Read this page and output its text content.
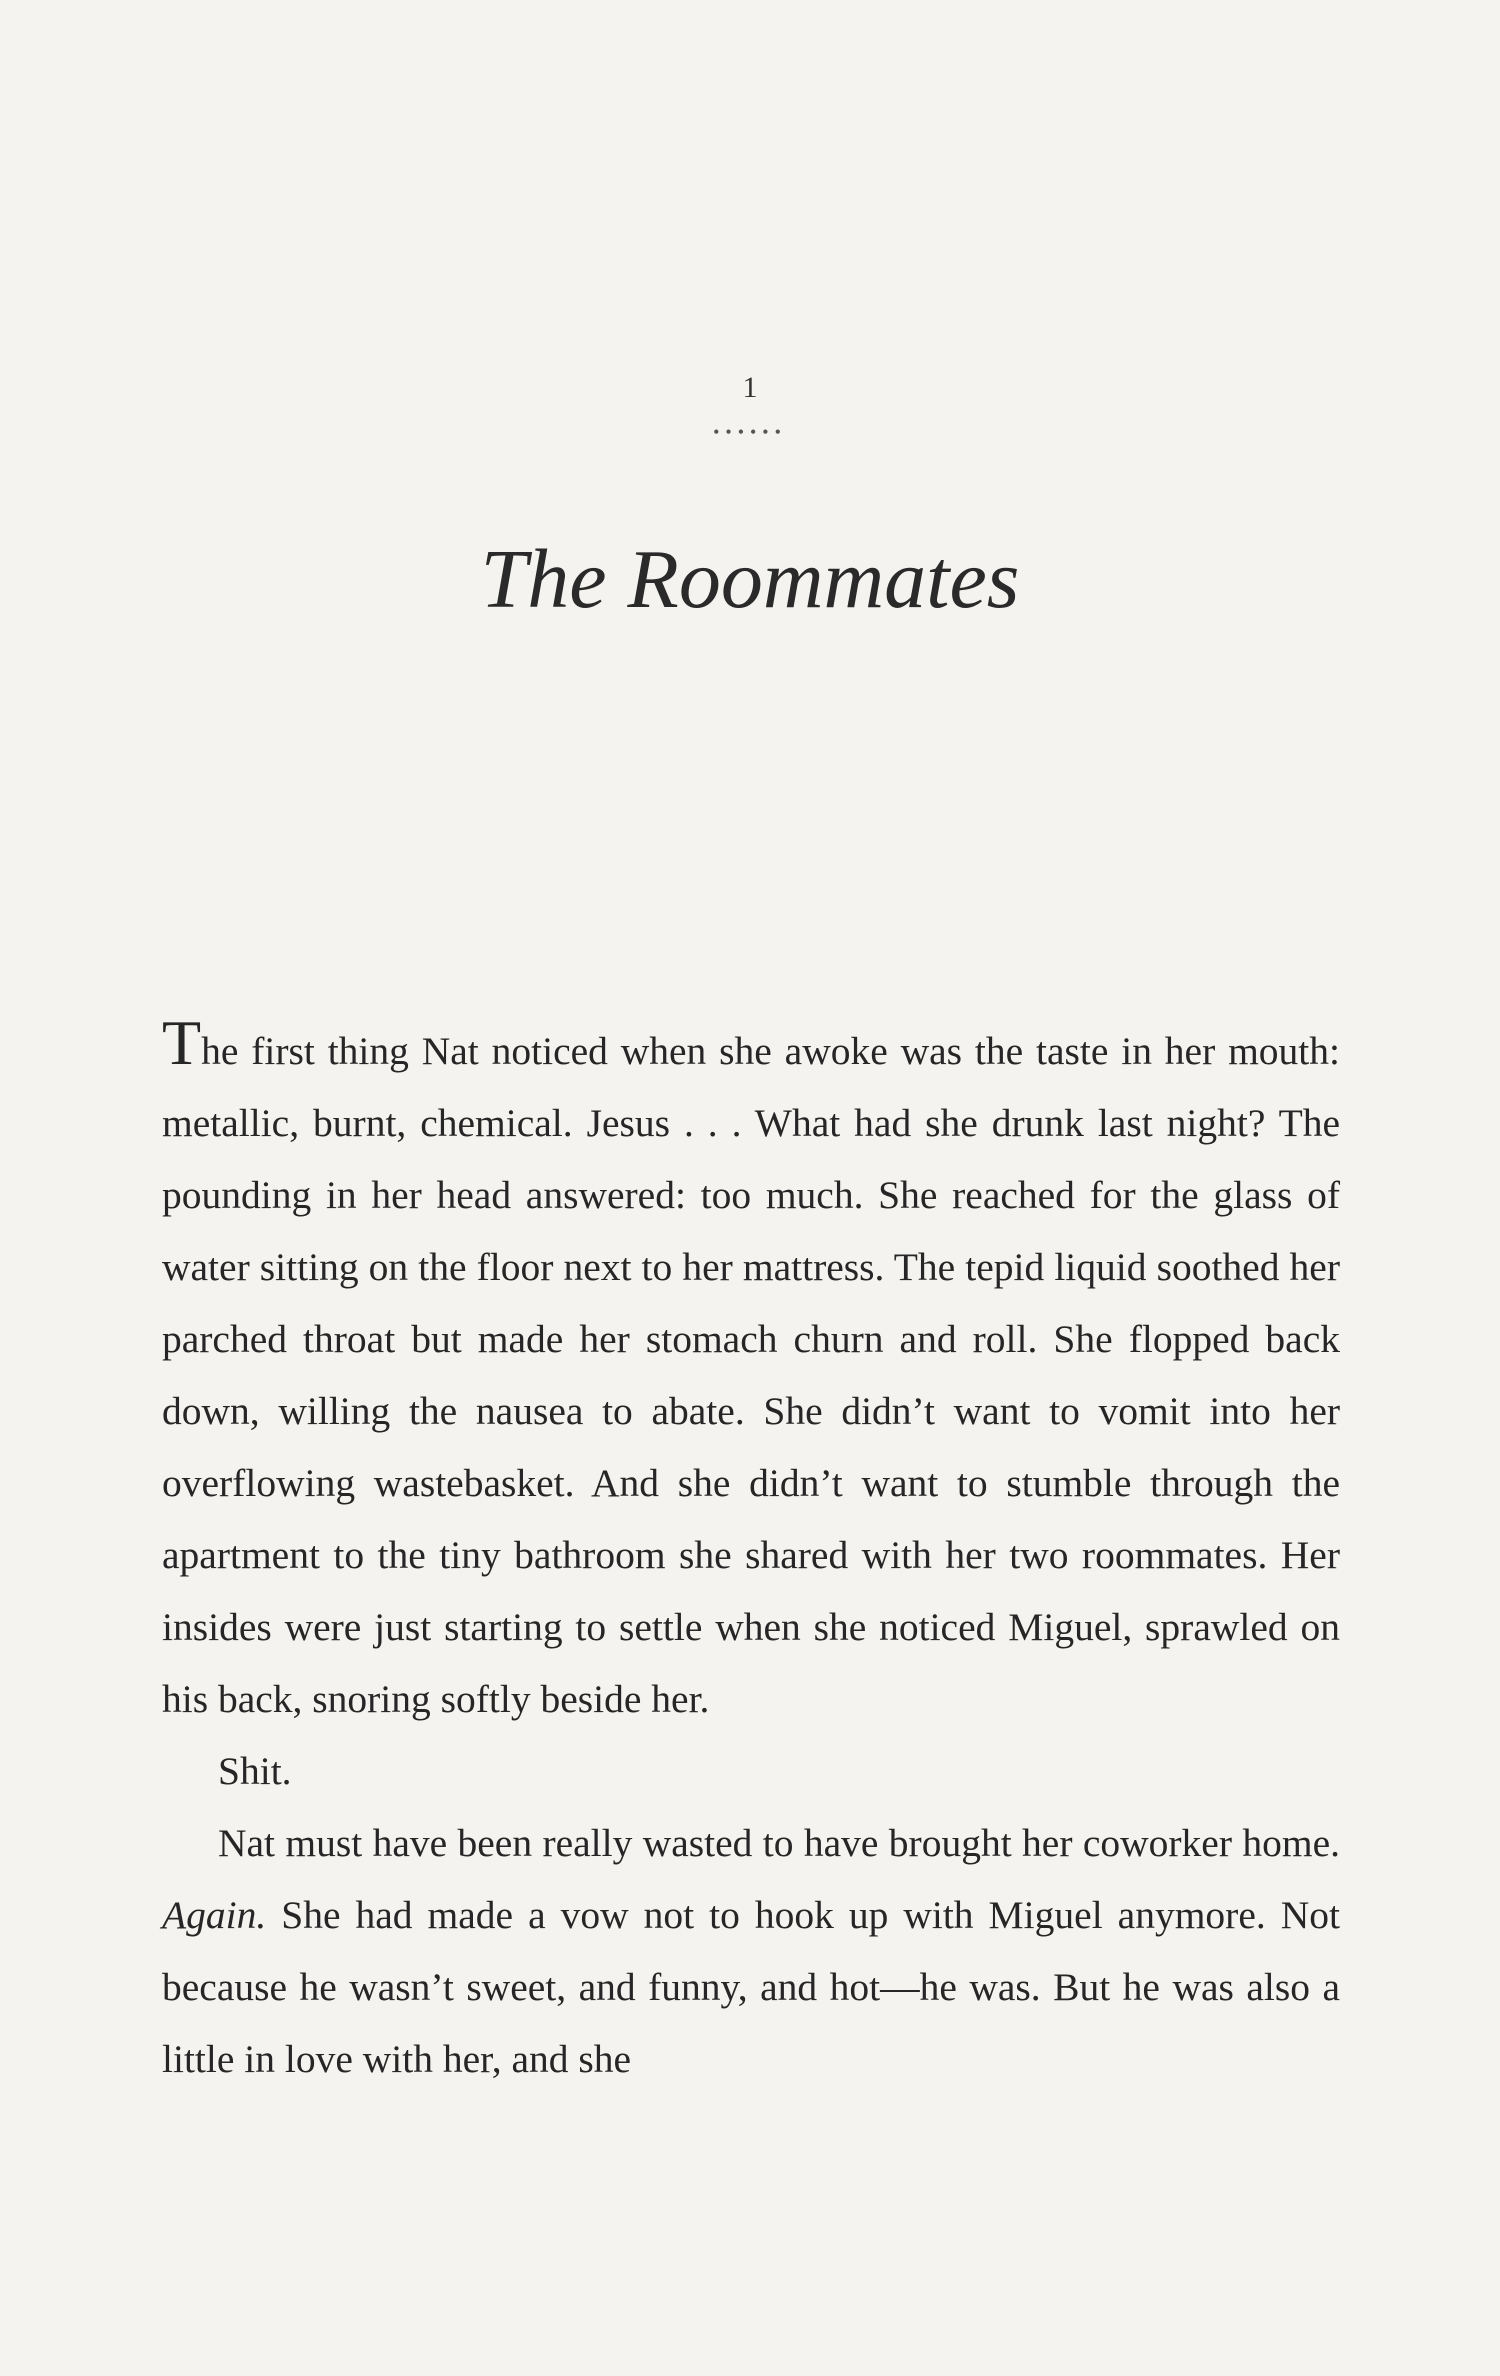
1
••••••
The Roommates

The first thing Nat noticed when she awoke was the taste in her mouth: metallic, burnt, chemical. Jesus . . . What had she drunk last night? The pounding in her head answered: too much. She reached for the glass of water sitting on the floor next to her mattress. The tepid liquid soothed her parched throat but made her stomach churn and roll. She flopped back down, willing the nausea to abate. She didn’t want to vomit into her overflowing wastebasket. And she didn’t want to stumble through the apartment to the tiny bathroom she shared with her two roommates. Her insides were just starting to settle when she noticed Miguel, sprawled on his back, snoring softly beside her.

Shit.

Nat must have been really wasted to have brought her coworker home. Again. She had made a vow not to hook up with Miguel anymore. Not because he wasn’t sweet, and funny, and hot—he was. But he was also a little in love with her, and she
